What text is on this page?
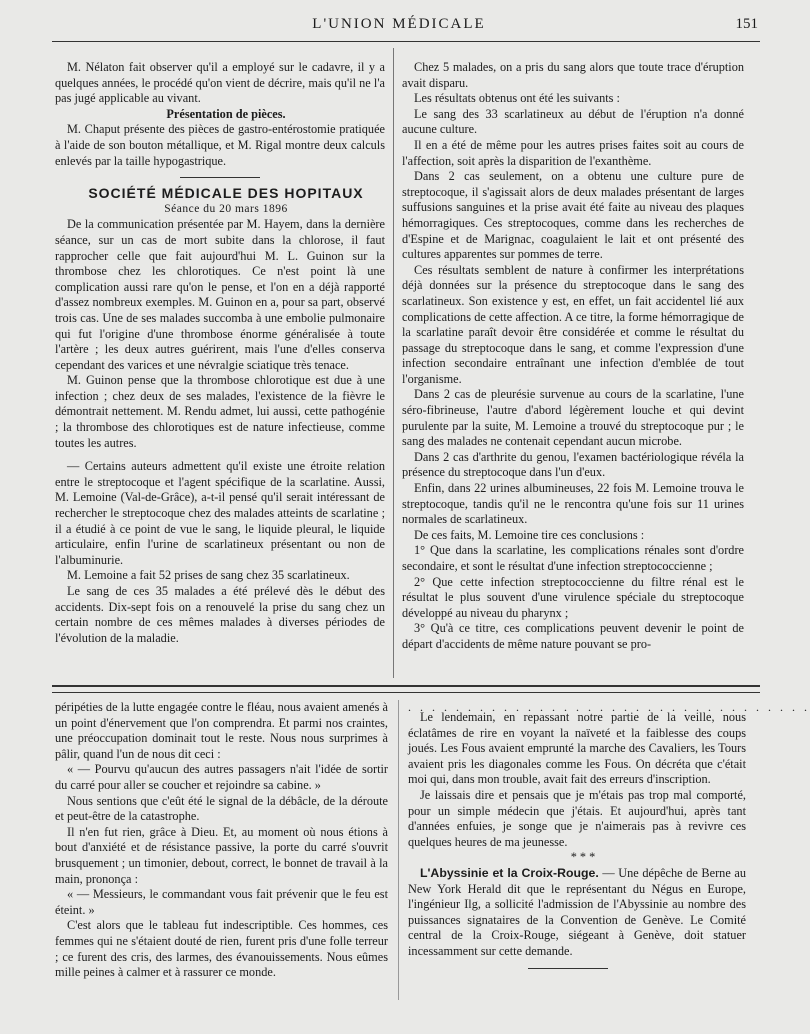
L'UNION MÉDICALE	151

M. Nélaton fait observer qu'il a employé sur le cadavre, il y a quelques années, le procédé qu'on vient de décrire, mais qu'il ne l'a pas jugé applicable au vivant.

Présentation de pièces.

M. Chaput présente des pièces de gastro-entérostomie pratiquée à l'aide de son bouton métallique, et M. Rigal montre deux calculs enlevés par la taille hypogastrique.

SOCIÉTÉ MÉDICALE DES HOPITAUX

Séance du 20 mars 1896

De la communication présentée par M. Hayem, dans la dernière séance, sur un cas de mort subite dans la chlorose, il faut rapprocher celle que fait aujourd'hui M. L. Guinon sur la thrombose chez les chlorotiques. Ce n'est point là une complication aussi rare qu'on le pense, et l'on en a déjà rapporté d'assez nombreux exemples. M. Guinon en a, pour sa part, observé trois cas. Une de ses malades succomba à une embolie pulmonaire qui fut l'origine d'une thrombose énorme généralisée à toute l'artère ; les deux autres guérirent, mais l'une d'elles conserva cependant des varices et une névralgie sciatique très tenace.

M. Guinon pense que la thrombose chlorotique est due à une infection ; chez deux de ses malades, l'existence de la fièvre le démontrait nettement. M. Rendu admet, lui aussi, cette pathogénie ; la thrombose des chlorotiques est de nature infectieuse, comme toutes les autres.

— Certains auteurs admettent qu'il existe une étroite relation entre le streptocoque et l'agent spécifique de la scarlatine. Aussi, M. Lemoine (Val-de-Grâce), a-t-il pensé qu'il serait intéressant de rechercher le streptocoque chez des malades atteints de scarlatine ; il a étudié à ce point de vue le sang, le liquide pleural, le liquide articulaire, enfin l'urine de scarlatineux présentant ou non de l'albuminurie.

M. Lemoine a fait 52 prises de sang chez 35 scarlatineux.

Le sang de ces 35 malades a été prélevé dès le début des accidents. Dix-sept fois on a renouvelé la prise du sang chez un certain nombre de ces mêmes malades à diverses périodes de l'évolution de la maladie.

Chez 5 malades, on a pris du sang alors que toute trace d'éruption avait disparu.

Les résultats obtenus ont été les suivants :

Le sang des 33 scarlatineux au début de l'éruption n'a donné aucune culture.

Il en a été de même pour les autres prises faites soit au cours de l'affection, soit après la disparition de l'exanthème.

Dans 2 cas seulement, on a obtenu une culture pure de streptocoque, il s'agissait alors de deux malades présentant de larges suffusions sanguines et la prise avait été faite au niveau des plaques hémorragiques. Ces streptocoques, comme dans les recherches de d'Espine et de Marignac, coagulaient le lait et ont présenté des cultures apparentes sur pommes de terre.

Ces résultats semblent de nature à confirmer les interprétations déjà données sur la présence du streptocoque dans le sang des scarlatineux. Son existence y est, en effet, un fait accidentel lié aux complications de cette affection. A ce titre, la forme hémorragique de la scarlatine paraît devoir être considérée et comme le résultat du passage du streptocoque dans le sang, et comme l'expression d'une infection secondaire entraînant une infection d'emblée de tout l'organisme.

Dans 2 cas de pleurésie survenue au cours de la scarlatine, l'une séro-fibrineuse, l'autre d'abord légèrement louche et qui devint purulente par la suite, M. Lemoine a trouvé du streptocoque pur ; le sang des malades ne contenait cependant aucun microbe.

Dans 2 cas d'arthrite du genou, l'examen bactériologique révéla la présence du streptocoque dans l'un d'eux.

Enfin, dans 22 urines albumineuses, 22 fois M. Lemoine trouva le streptocoque, tandis qu'il ne le rencontra qu'une fois sur 11 urines normales de scarlatineux.

De ces faits, M. Lemoine tire ces conclusions :

1° Que dans la scarlatine, les complications rénales sont d'ordre secondaire, et sont le résultat d'une infection streptococcienne ;

2° Que cette infection streptococcienne du filtre rénal est le résultat le plus souvent d'une virulence spéciale du streptocoque développé au niveau du pharynx ;

3° Qu'à ce titre, ces complications peuvent devenir le point de départ d'accidents de même nature pouvant se pro-

péripéties de la lutte engagée contre le fléau, nous avaient amenés à un point d'énervement que l'on comprendra. Et parmi nos craintes, une préoccupation dominait tout le reste. Nous nous surprimes à pâlir, quand l'un de nous dit ceci :

« — Pourvu qu'aucun des autres passagers n'ait l'idée de sortir du carré pour aller se coucher et rejoindre sa cabine. »

Nous sentions que c'eût été le signal de la débâcle, de la déroute et peut-être de la catastrophe.

Il n'en fut rien, grâce à Dieu. Et, au moment où nous étions à bout d'anxiété et de résistance passive, la porte du carré s'ouvrit brusquement ; un timonier, debout, correct, le bonnet de travail à la main, prononça :

« — Messieurs, le commandant vous fait prévenir que le feu est éteint. »

C'est alors que le tableau fut indescriptible. Ces hommes, ces femmes qui ne s'étaient douté de rien, furent pris d'une folle terreur ; ce furent des cris, des larmes, des évanouissements. Nous eûmes mille peines à calmer et à rassurer ce monde.

. . . . . . . . . . . . . . . . . . . . . . . . . . . . . . . . . .

Le lendemain, en repassant notre partie de la veille, nous éclatâmes de rire en voyant la naïveté et la faiblesse des coups joués. Les Fous avaient emprunté la marche des Cavaliers, les Tours avaient pris les diagonales comme les Fous. On décréta que c'était moi qui, dans mon trouble, avait fait des erreurs d'inscription.

Je laissais dire et pensais que je m'étais pas trop mal comporté, pour un simple médecin que j'étais. Et aujourd'hui, après tant d'années enfuies, je songe que je n'aimerais pas à revivre ces quelques heures de ma jeunesse.

* * *

L'Abyssinie et la Croix-Rouge. — Une dépêche de Berne au New York Herald dit que le représentant du Négus en Europe, l'ingénieur Ilg, a sollicité l'admission de l'Abyssinie au nombre des puissances signataires de la Convention de Genève. Le Comité central de la Croix-Rouge, siégeant à Genève, doit statuer incessamment sur cette demande.
